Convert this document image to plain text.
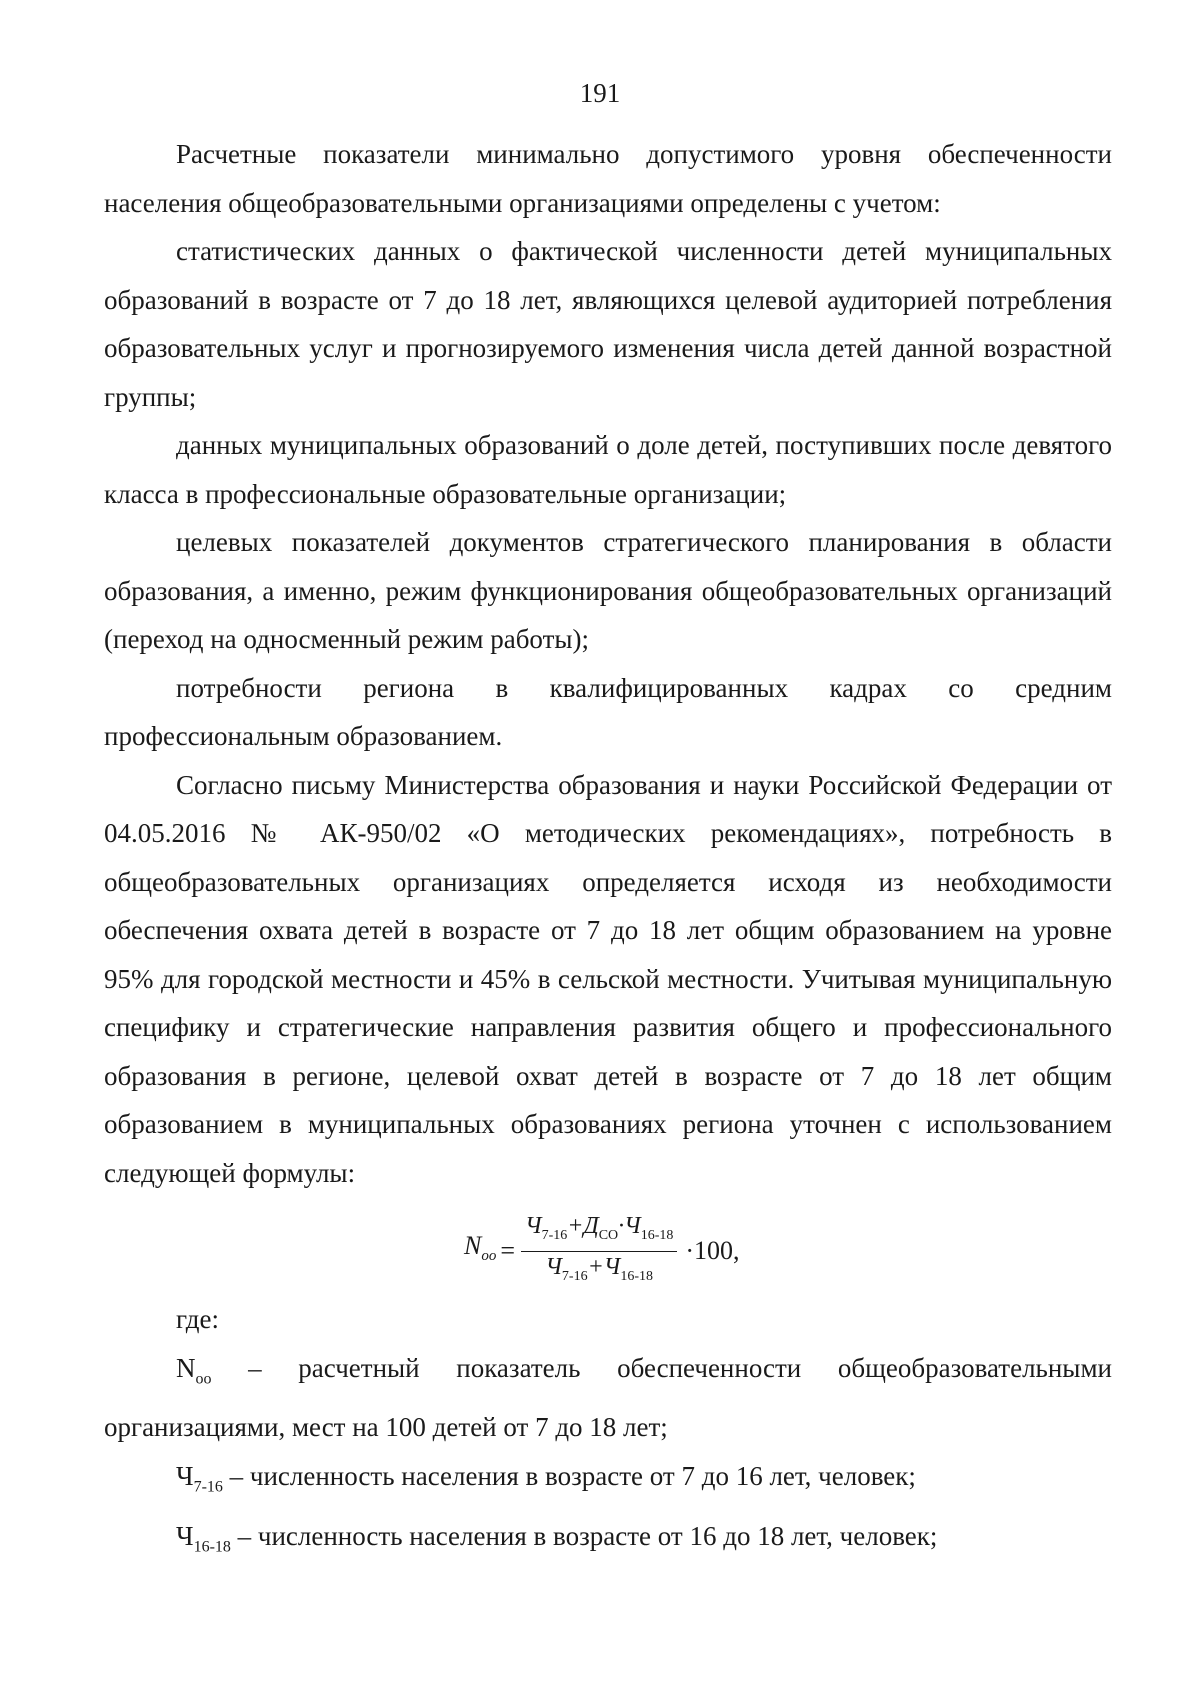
191

Расчетные показатели минимально допустимого уровня обеспеченности населения общеобразовательными организациями определены с учетом:

статистических данных о фактической численности детей муниципальных образований в возрасте от 7 до 18 лет, являющихся целевой аудиторией потребления образовательных услуг и прогнозируемого изменения числа детей данной возрастной группы;

данных муниципальных образований о доле детей, поступивших после девятого класса в профессиональные образовательные организации;

целевых показателей документов стратегического планирования в области образования, а именно, режим функционирования общеобразовательных организаций (переход на односменный режим работы);

потребности региона в квалифицированных кадрах со средним профессиональным образованием.

Согласно письму Министерства образования и науки Российской Федерации от 04.05.2016 № АК-950/02 «О методических рекомендациях», потребность в общеобразовательных организациях определяется исходя из необходимости обеспечения охвата детей в возрасте от 7 до 18 лет общим образованием на уровне 95% для городской местности и 45% в сельской местности. Учитывая муниципальную специфику и стратегические направления развития общего и профессионального образования в регионе, целевой охват детей в возрасте от 7 до 18 лет общим образованием в муниципальных образованиях региона уточнен с использованием следующей формулы:

$N_{oo} = \frac{Ч_{7-16}+Д_{CO}\cdot Ч_{16-18}}{Ч_{7-16}+Ч_{16-18}} \cdot 100$,

где:

$N_{oo}$ – расчетный показатель обеспеченности общеобразовательными организациями, мест на 100 детей от 7 до 18 лет;

$Ч_{7-16}$ – численность населения в возрасте от 7 до 16 лет, человек;

$Ч_{16-18}$ – численность населения в возрасте от 16 до 18 лет, человек;
